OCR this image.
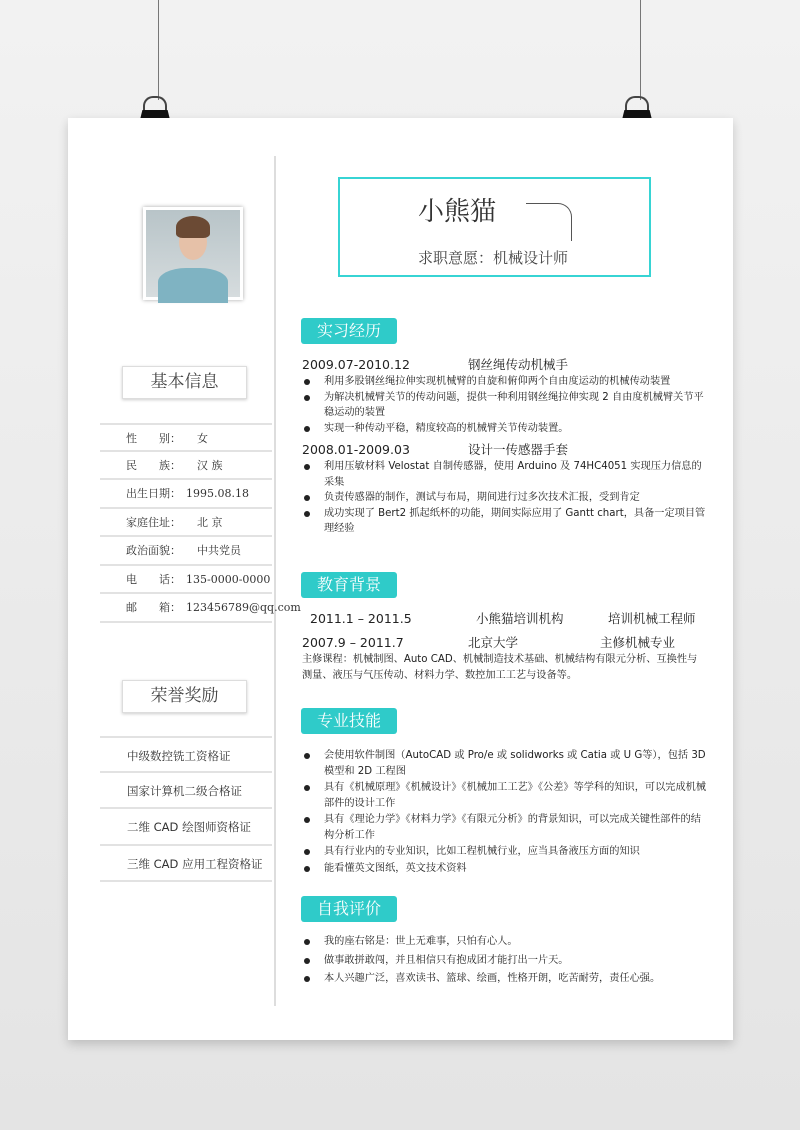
基本信息
性　　别：　女
民　　族：　汉 族
出生日期： 1995.08.18
家庭住址：　北 京
政治面貌：　中共党员
电　　话： 135-0000-0000
邮　　箱： 123456789@qq.com
荣誉奖励
中级数控铣工资格证
国家计算机二级合格证
二维 CAD 绘图师资格证
三维 CAD 应用工程资格证
小熊猫
求职意愿：机械设计师
实习经历
2009.07-2010.12	钢丝绳传动机械手
利用多股钢丝绳拉伸实现机械臂的自旋和俯仰两个自由度运动的机械传动装置
为解决机械臂关节的传动问题，提供一种利用钢丝绳拉伸实现 2 自由度机械臂关节平稳运动的装置
实现一种传动平稳，精度较高的机械臂关节传动装置。
2008.01-2009.03	设计一传感器手套
利用压敏材料 Velostat 自制传感器，使用 Arduino 及 74HC4051 实现压力信息的采集
负责传感器的制作，测试与布局，期间进行过多次技术汇报，受到肯定
成功实现了 Bert2 抓起纸杯的功能，期间实际应用了 Gantt chart，具备一定项目管理经验
教育背景
2011.1 – 2011.5	小熊猫培训机构	培训机械工程师
2007.9 – 2011.7	北京大学	主修机械专业
主修课程：机械制图、Auto CAD、机械制造技术基础、机械结构有限元分析、互换性与测量、液压与气压传动、材料力学、数控加工工艺与设备等。
专业技能
会使用软件制图（AutoCAD 或 Pro/e 或 solidworks 或 Catia 或 U G等），包括 3D 模型和 2D 工程图
具有《机械原理》《机械设计》《机械加工工艺》《公差》等学科的知识，可以完成机械部件的设计工作
具有《理论力学》《材料力学》《有限元分析》的背景知识，可以完成关键性部件的结构分析工作
具有行业内的专业知识，比如工程机械行业，应当具备液压方面的知识
能看懂英文图纸，英文技术资料
自我评价
我的座右铭是：世上无难事，只怕有心人。
做事敢拼敢闯，并且相信只有抱成团才能打出一片天。
本人兴趣广泛，喜欢读书、篮球、绘画，性格开朗，吃苦耐劳，责任心强。
